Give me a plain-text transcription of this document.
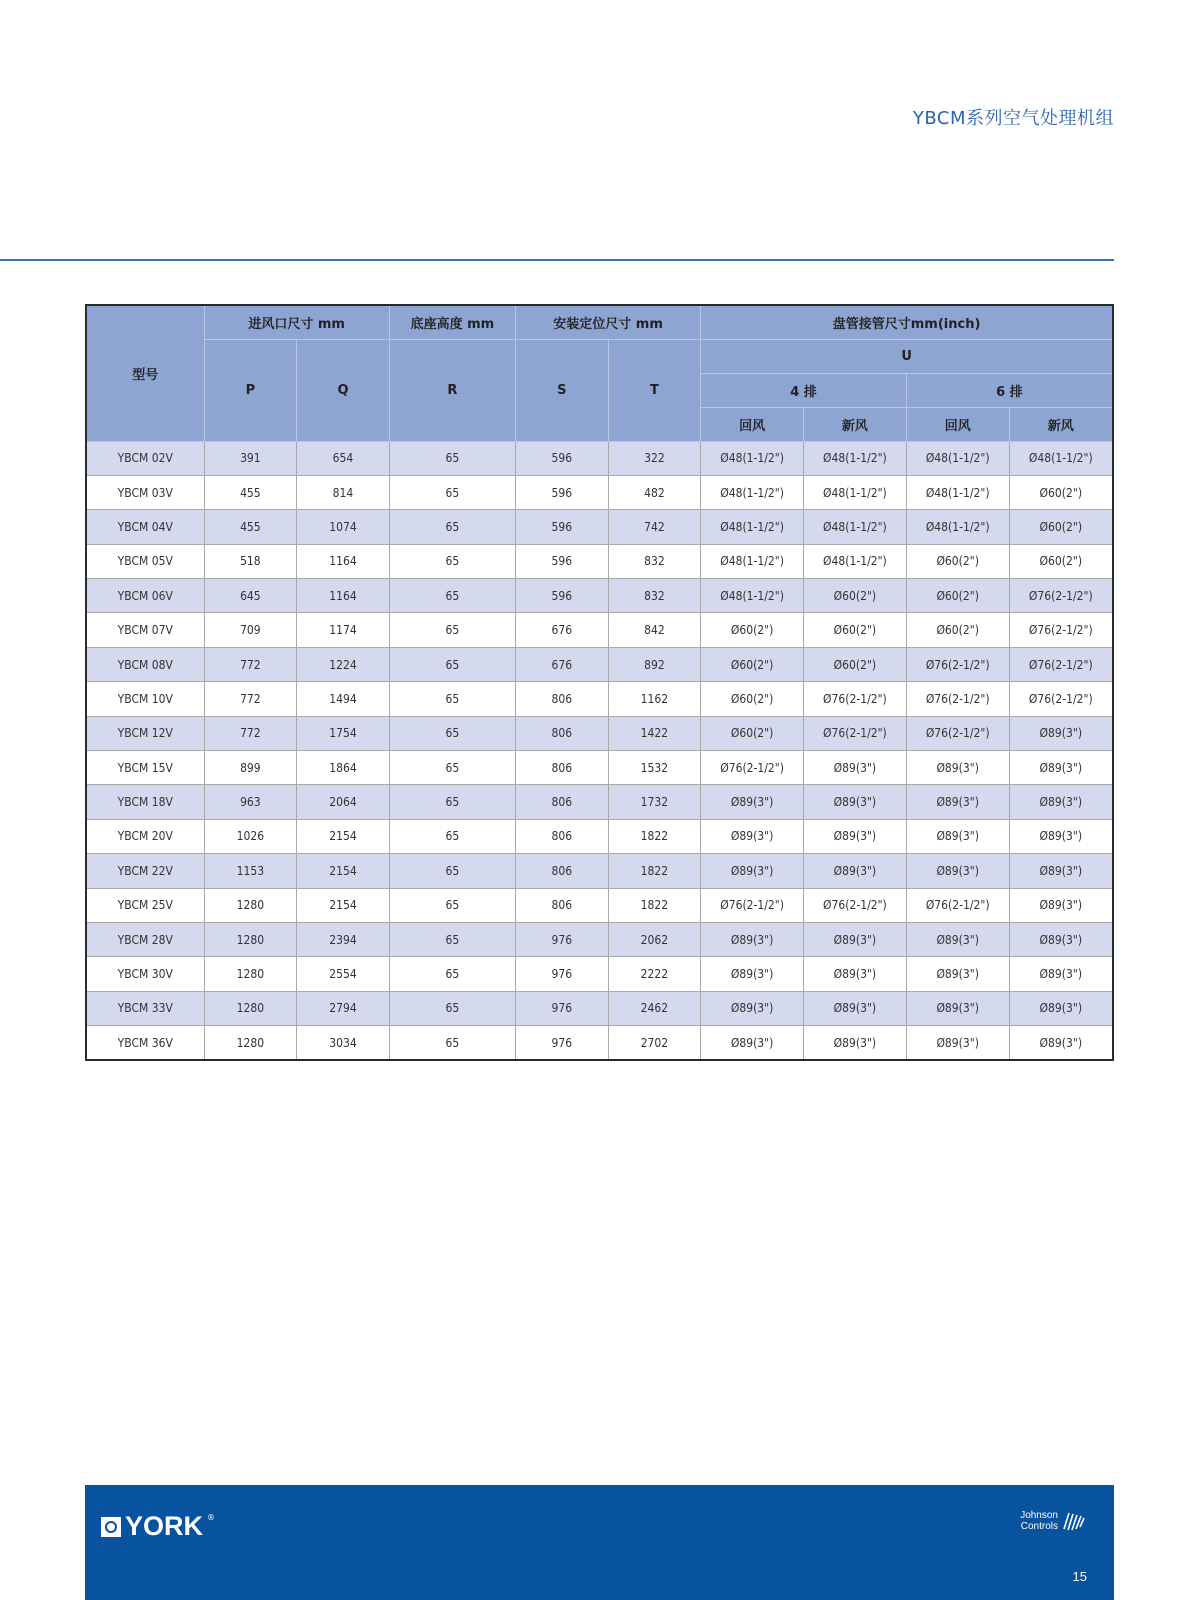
YBCM系列空气处理机组
型号	进风口尺寸 mm		底座高度 mm	安装定位尺寸 mm		盘管接管尺寸mm(inch)			
	P	Q	R	S	T	U			
						4 排		6 排	
						回风	新风	回风	新风
YBCM 02V	391	654	65	596	322	Ø48(1-1/2")	Ø48(1-1/2")	Ø48(1-1/2")	Ø48(1-1/2")
YBCM 03V	455	814	65	596	482	Ø48(1-1/2")	Ø48(1-1/2")	Ø48(1-1/2")	Ø60(2")
YBCM 04V	455	1074	65	596	742	Ø48(1-1/2")	Ø48(1-1/2")	Ø48(1-1/2")	Ø60(2")
YBCM 05V	518	1164	65	596	832	Ø48(1-1/2")	Ø48(1-1/2")	Ø60(2")	Ø60(2")
YBCM 06V	645	1164	65	596	832	Ø48(1-1/2")	Ø60(2")	Ø60(2")	Ø76(2-1/2")
YBCM 07V	709	1174	65	676	842	Ø60(2")	Ø60(2")	Ø60(2")	Ø76(2-1/2")
YBCM 08V	772	1224	65	676	892	Ø60(2")	Ø60(2")	Ø76(2-1/2")	Ø76(2-1/2")
YBCM 10V	772	1494	65	806	1162	Ø60(2")	Ø76(2-1/2")	Ø76(2-1/2")	Ø76(2-1/2")
YBCM 12V	772	1754	65	806	1422	Ø60(2")	Ø76(2-1/2")	Ø76(2-1/2")	Ø89(3")
YBCM 15V	899	1864	65	806	1532	Ø76(2-1/2")	Ø89(3")	Ø89(3")	Ø89(3")
YBCM 18V	963	2064	65	806	1732	Ø89(3")	Ø89(3")	Ø89(3")	Ø89(3")
YBCM 20V	1026	2154	65	806	1822	Ø89(3")	Ø89(3")	Ø89(3")	Ø89(3")
YBCM 22V	1153	2154	65	806	1822	Ø89(3")	Ø89(3")	Ø89(3")	Ø89(3")
YBCM 25V	1280	2154	65	806	1822	Ø76(2-1/2")	Ø76(2-1/2")	Ø76(2-1/2")	Ø89(3")
YBCM 28V	1280	2394	65	976	2062	Ø89(3")	Ø89(3")	Ø89(3")	Ø89(3")
YBCM 30V	1280	2554	65	976	2222	Ø89(3")	Ø89(3")	Ø89(3")	Ø89(3")
YBCM 33V	1280	2794	65	976	2462	Ø89(3")	Ø89(3")	Ø89(3")	Ø89(3")
YBCM 36V	1280	3034	65	976	2702	Ø89(3")	Ø89(3")	Ø89(3")	Ø89(3")
YORK ®	Johnson
Controls
15
